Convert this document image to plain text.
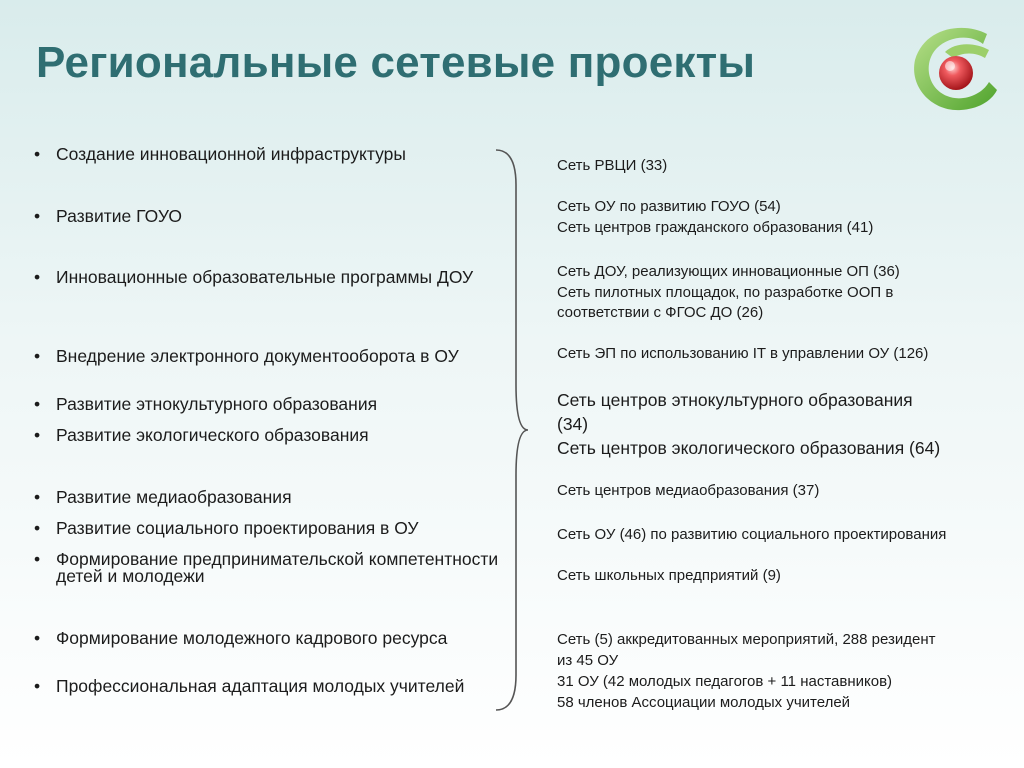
Региональные сетевые проекты
• Создание инновационной инфраструктуры
• Развитие ГОУО
• Инновационные образовательные программы ДОУ
• Внедрение электронного документооборота в ОУ
• Развитие этнокультурного образования
• Развитие экологического образования
• Развитие медиаобразования
• Развитие социального проектирования в ОУ
• Формирование предпринимательской компетентности детей и молодежи
• Формирование молодежного кадрового ресурса
• Профессиональная адаптация молодых учителей
Сеть РВЦИ (33)
Сеть ОУ по развитию ГОУО (54)
Сеть центров гражданского образования (41)
Сеть ДОУ, реализующих инновационные ОП (36)
Сеть пилотных площадок, по разработке ООП в
соответствии с ФГОС ДО (26)
Сеть ЭП по использованию IT в управлении ОУ (126)
Сеть центров этнокультурного образования
(34)
Сеть центров экологического образования (64)
Сеть центров медиаобразования (37)
Сеть ОУ (46) по развитию социального проектирования
Сеть школьных предприятий (9)
Сеть (5) аккредитованных мероприятий, 288 резидент
из 45 ОУ
31 ОУ (42 молодых педагогов + 11 наставников)
58 членов Ассоциации молодых учителей
